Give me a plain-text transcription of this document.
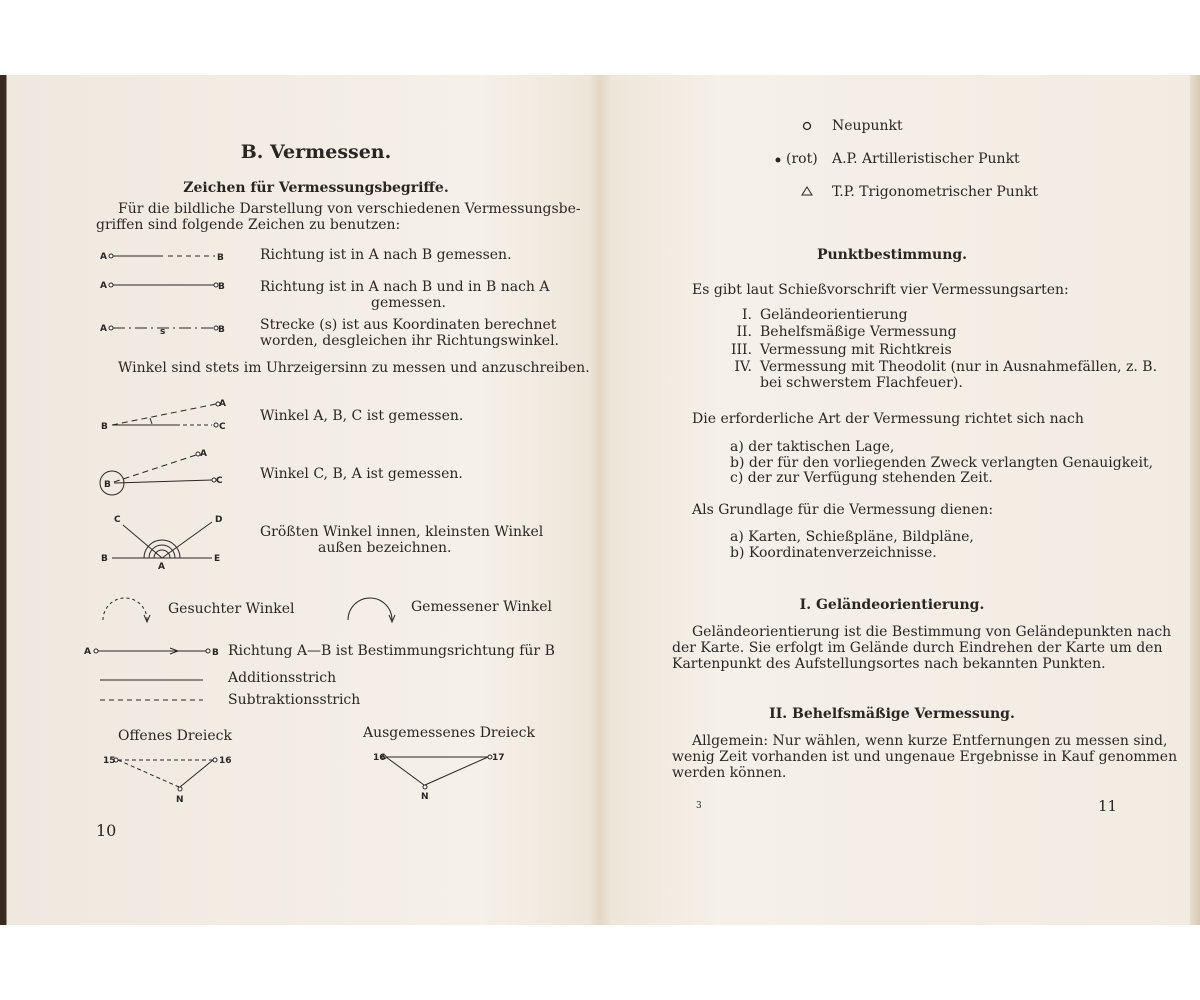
B. Vermessen.
Zeichen für Vermessungsbegriffe.
Für die bildliche Darstellung von verschiedenen Vermessungsbe-
griffen sind folgende Zeichen zu benutzen:
Richtung ist in A nach B gemessen.
Richtung ist in A nach B und in B nach A
gemessen.
Strecke (s) ist aus Koordinaten berechnet
worden, desgleichen ihr Richtungswinkel.
Winkel sind stets im Uhrzeigersinn zu messen und anzuschreiben.
Winkel A, B, C ist gemessen.
Winkel C, B, A ist gemessen.
Größten Winkel innen, kleinsten Winkel
außen bezeichnen.
Gesuchter Winkel	Gemessener Winkel
Richtung A—B ist Bestimmungsrichtung für B
Additionsstrich
Subtraktionsstrich
Offenes Dreieck	Ausgemessenes Dreieck
10
A	B
A	B
A	s	B
B
A
C
B
A
C
C	D
B
A
E
A	B
15	16
N
16	17
N
Neupunkt
(rot) A.P. Artilleristischer Punkt
T.P. Trigonometrischer Punkt
Punktbestimmung.
Es gibt laut Schießvorschrift vier Vermessungsarten:
I. Geländeorientierung
II. Behelfsmäßige Vermessung
III. Vermessung mit Richtkreis
IV. Vermessung mit Theodolit (nur in Ausnahmefällen, z. B.
bei schwerstem Flachfeuer).
Die erforderliche Art der Vermessung richtet sich nach
a) der taktischen Lage,
b) der für den vorliegenden Zweck verlangten Genauigkeit,
c) der zur Verfügung stehenden Zeit.
Als Grundlage für die Vermessung dienen:
a) Karten, Schießpläne, Bildpläne,
b) Koordinatenverzeichnisse.
I. Geländeorientierung.
Geländeorientierung ist die Bestimmung von Geländepunkten nach
der Karte. Sie erfolgt im Gelände durch Eindrehen der Karte um den
Kartenpunkt des Aufstellungsortes nach bekannten Punkten.
II. Behelfsmäßige Vermessung.
Allgemein: Nur wählen, wenn kurze Entfernungen zu messen sind,
wenig Zeit vorhanden ist und ungenaue Ergebnisse in Kauf genommen
werden können.
3	11
